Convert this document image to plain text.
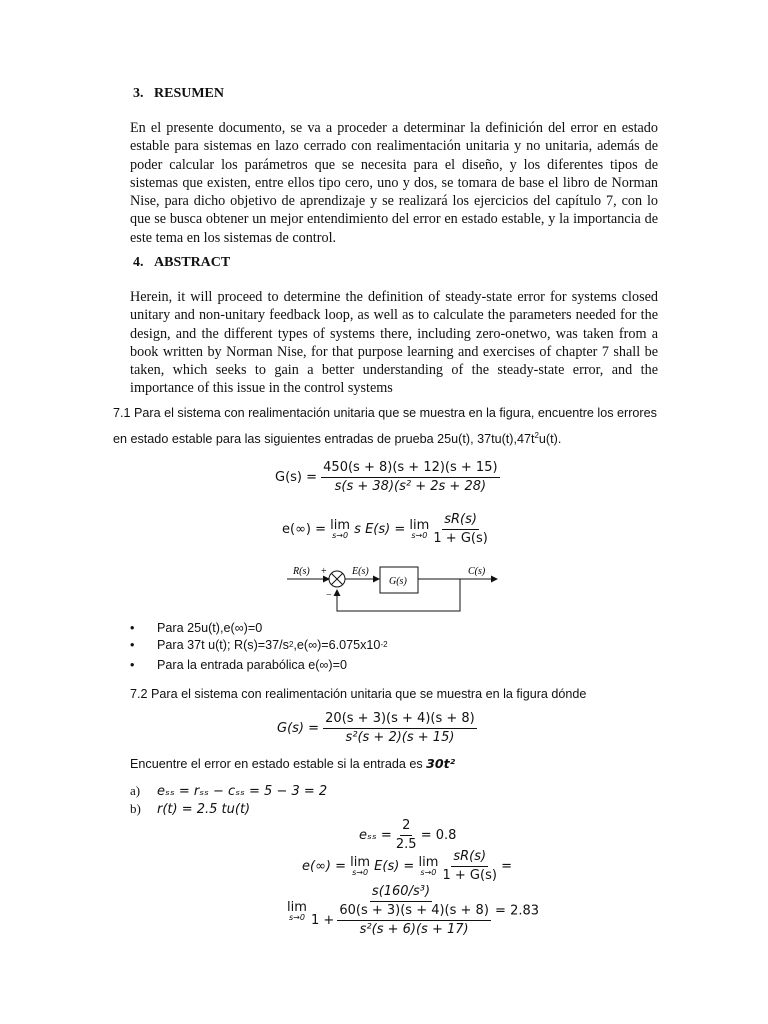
3. RESUMEN
En el presente documento, se va a proceder a determinar la definición del error en estado estable para sistemas en lazo cerrado con realimentación unitaria y no unitaria, además de poder calcular los parámetros que se necesita para el diseño, y los diferentes tipos de sistemas que existen, entre ellos tipo cero, uno y dos, se tomara de base el libro de Norman Nise, para dicho objetivo de aprendizaje y se realizará los ejercicios del capítulo 7, con lo que se busca obtener un mejor entendimiento del error en estado estable, y la importancia de este tema en los sistemas de control.
4. ABSTRACT
Herein, it will proceed to determine the definition of steady-state error for systems closed unitary and non-unitary feedback loop, as well as to calculate the parameters needed for the design, and the different types of systems there, including zero-onetwo, was taken from a book written by Norman Nise, for that purpose learning and exercises of chapter 7 shall be taken, which seeks to gain a better understanding of the steady-state error, and the importance of this issue in the control systems
7.1 Para el sistema con realimentación unitaria que se muestra en la figura, encuentre los errores
en estado estable para las siguientes entradas de prueba 25u(t), $37tu(t),47t^2u(t)$.
$G(s) = \frac{450(s + 8)(s + 12)(s + 15)}{\text{s(s + 38)(s² + 2s + 28)}}$
e(∞) = lim
s→0 s E(s) = lim
s→0
$\frac{sR(s)}{1 + G(s)}$
R(s) +
−
E(s)
G(s)
C(s)
•	Para 25u(t),e(∞)=0
•	Para 37t u(t); R(s)=37/s 2 ,e(∞)=6.075x10 -2
•	Para la entrada parabólica e(∞)=0
7.2 Para el sistema con realimentación unitaria que se muestra en la figura dónde
$G(s) = \frac{20(s + 3)(s + 4)(s + 8)}{\text{s²(s + 2)(s + 15)}}$
Encuentre el error en estado estable si la entrada es 30t²
a) eₛₛ = rₛₛ − cₛₛ = 5 − 3 = 2
b) r(t) = 2.5 tu(t)
$e_{ss} = \frac{2}{2.5} = 0.8$
e(∞) = lim
s→0 E(s) = lim
s→0
$\frac{sR(s)}{1 + G(s)}$ =
lim
s→0

s(160/s³)
$1 + \frac{60(s + 3)(s + 4)(s + 8)}{\text{s²(s + 6)(s + 17)}} = 2.83$
